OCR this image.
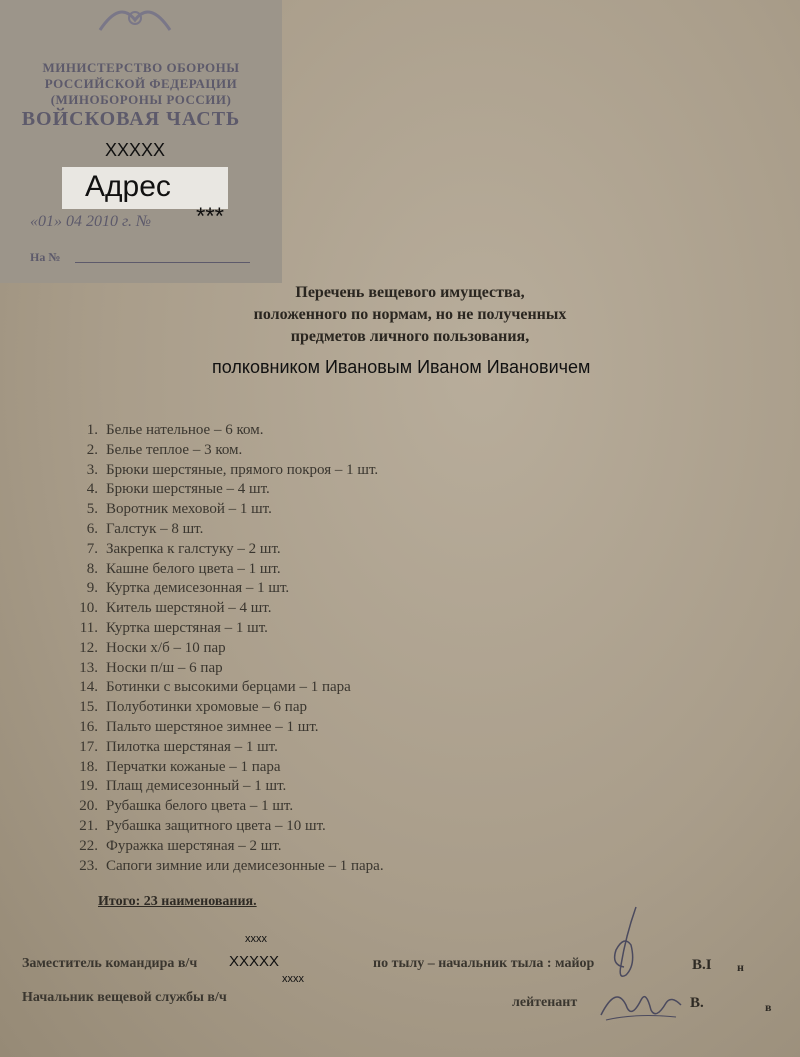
МИНИСТЕРСТВО ОБОРОНЫ
РОССИЙСКОЙ ФЕДЕРАЦИИ
(МИНОБОРОНЫ РОССИИ)
ВОЙСКОВАЯ ЧАСТЬ
ХХХХХ
Адрес
«01» 04 2010 г. № ***
На №
Перечень вещевого имущества,
положенного по нормам, но не полученных
предметов личного пользования,
полковником Ивановым Иваном Ивановичем
1. Белье нательное – 6 ком.
2. Белье теплое – 3 ком.
3. Брюки шерстяные, прямого покроя – 1 шт.
4. Брюки шерстяные – 4 шт.
5. Воротник меховой – 1 шт.
6. Галстук – 8 шт.
7. Закрепка к галстуку – 2 шт.
8. Кашне белого цвета – 1 шт.
9. Куртка демисезонная – 1 шт.
10. Китель шерстяной – 4 шт.
11. Куртка шерстяная – 1 шт.
12. Носки х/б – 10 пар
13. Носки п/ш – 6 пар
14. Ботинки с высокими берцами – 1 пара
15. Полуботинки хромовые – 6 пар
16. Пальто шерстяное зимнее – 1 шт.
17. Пилотка шерстяная – 1 шт.
18. Перчатки кожаные – 1 пара
19. Плащ демисезонный – 1 шт.
20. Рубашка белого цвета – 1 шт.
21. Рубашка защитного цвета – 10 шт.
22. Фуражка шерстяная – 2 шт.
23. Сапоги зимние или демисезонные – 1 пара.
Итого: 23 наименования.
Заместитель командира в/ч
хххх
ХХХХХ
хххх
по тылу – начальник тыла : майор	В.І н
Начальник вещевой службы в/ч	лейтенант	В.	в
